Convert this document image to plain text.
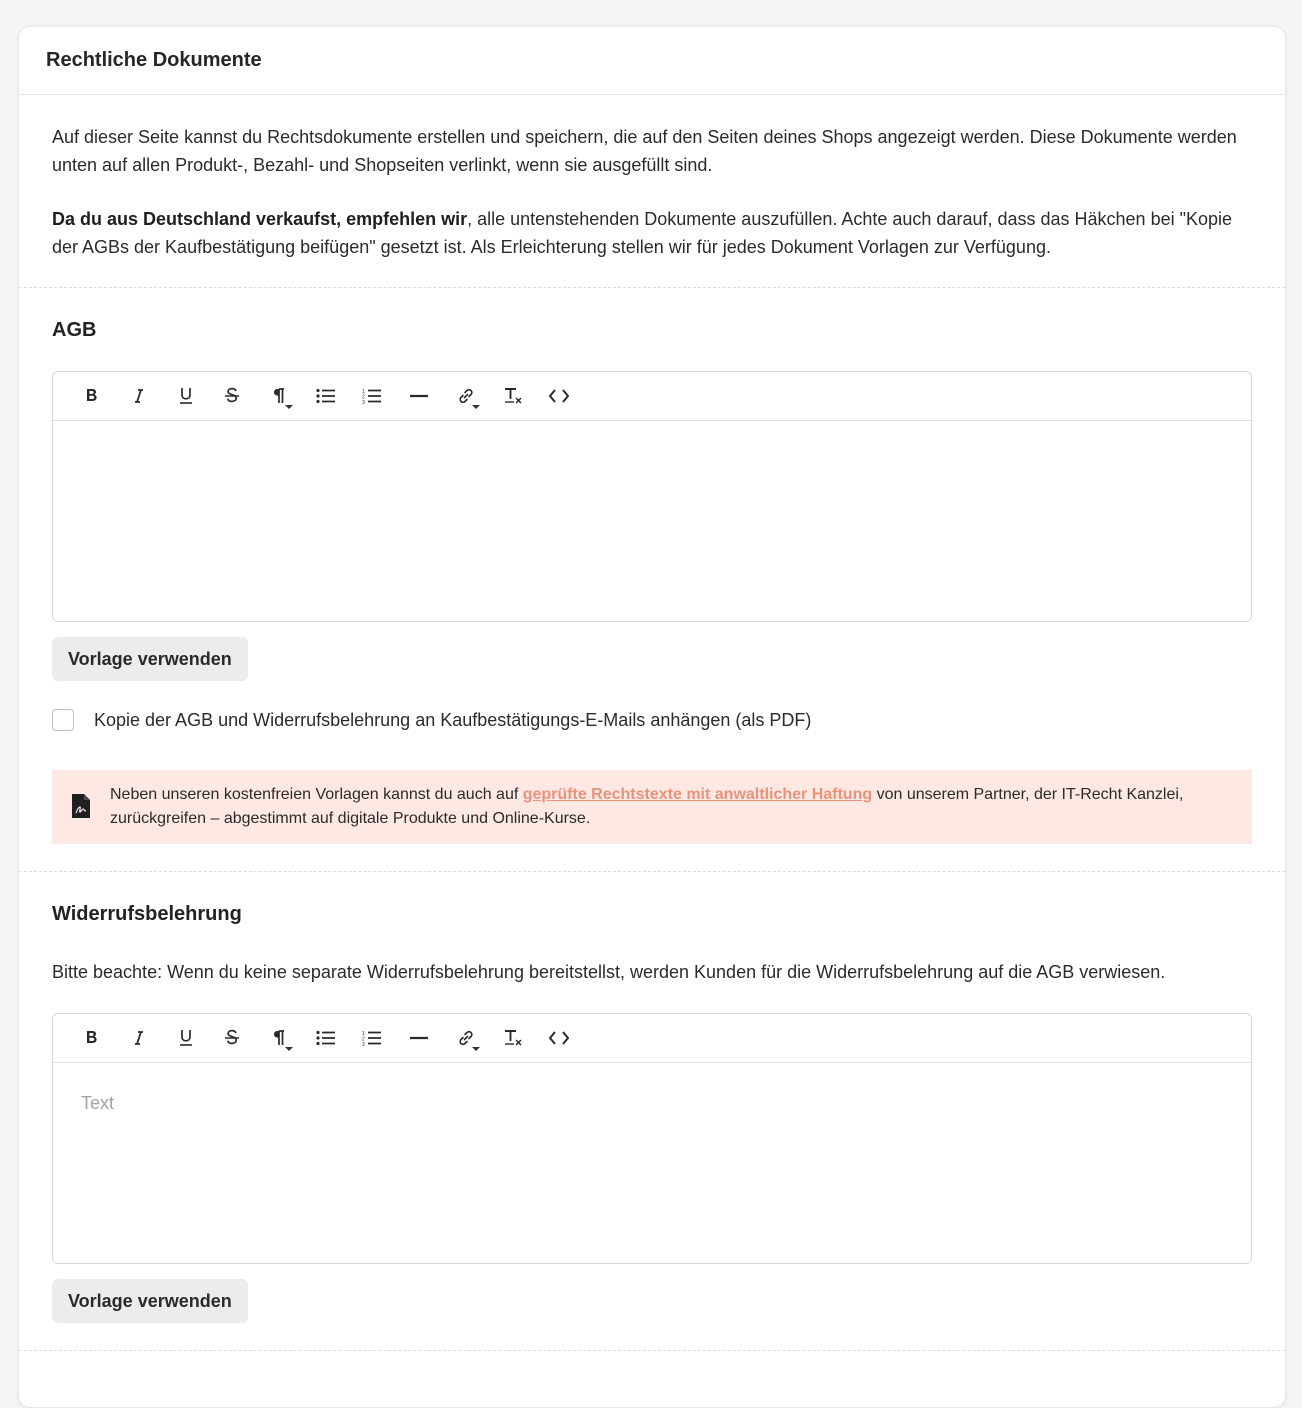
Rechtliche Dokumente

Auf dieser Seite kannst du Rechtsdokumente erstellen und speichern, die auf den Seiten deines Shops angezeigt werden. Diese Dokumente werden unten auf allen Produkt-, Bezahl- und Shopseiten verlinkt, wenn sie ausgefüllt sind.

Da du aus Deutschland verkaufst, empfehlen wir, alle untenstehenden Dokumente auszufüllen. Achte auch darauf, dass das Häkchen bei "Kopie der AGBs der Kaufbestätigung beifügen" gesetzt ist. Als Erleichterung stellen wir für jedes Dokument Vorlagen zur Verfügung.

AGB
1
2
3
Vorlage verwenden
Kopie der AGB und Widerrufsbelehrung an Kaufbestätigungs-E-Mails anhängen (als PDF)
Neben unseren kostenfreien Vorlagen kannst du auch auf geprüfte Rechtstexte mit anwaltlicher Haftung von unserem Partner, der IT-Recht Kanzlei, zurückgreifen – abgestimmt auf digitale Produkte und Online-Kurse.
Widerrufsbelehrung

Bitte beachte: Wenn du keine separate Widerrufsbelehrung bereitstellst, werden Kunden für die Widerrufsbelehrung auf die AGB verwiesen.

1
2
3
Text
Vorlage verwenden
